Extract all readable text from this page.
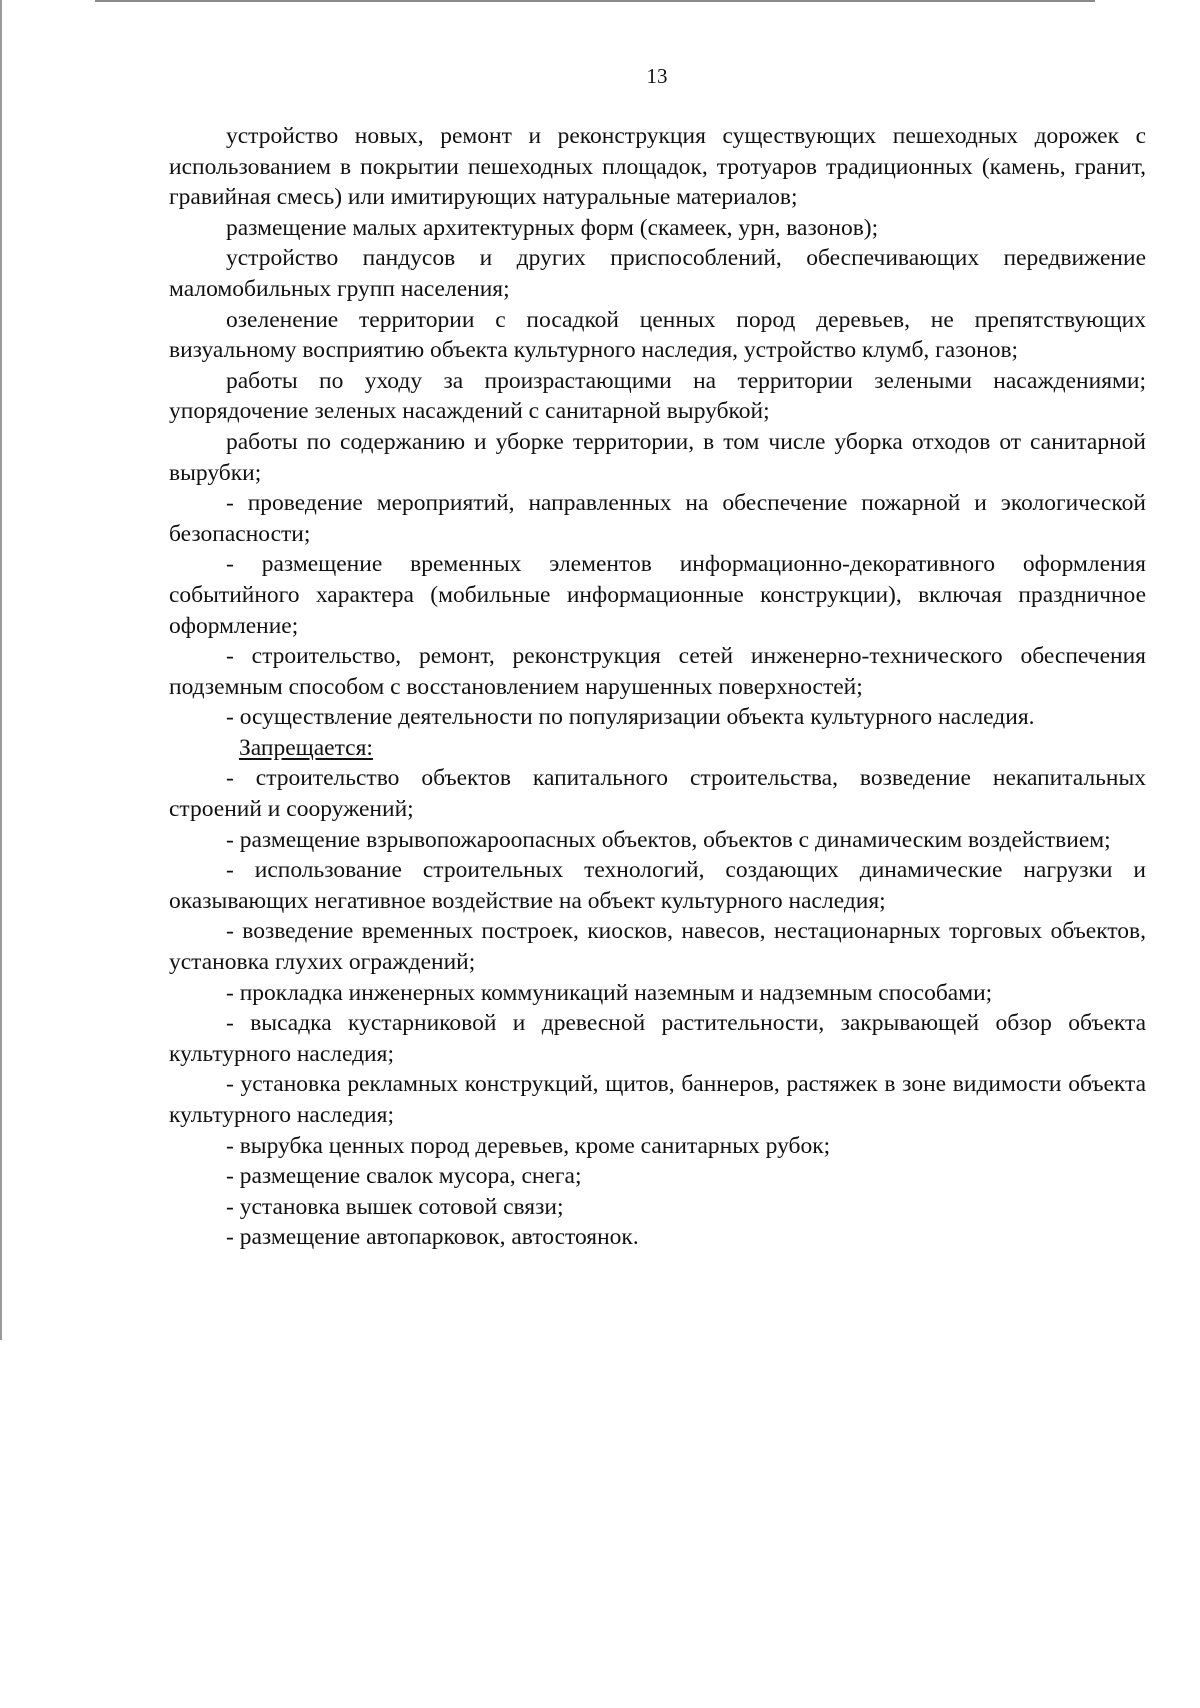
13

устройство новых, ремонт и реконструкция существующих пешеходных дорожек с использованием в покрытии пешеходных площадок, тротуаров традиционных (камень, гранит, гравийная смесь) или имитирующих натуральные материалов;

размещение малых архитектурных форм (скамеек, урн, вазонов);

устройство пандусов и других приспособлений, обеспечивающих передвижение маломобильных групп населения;

озеленение территории с посадкой ценных пород деревьев, не препятствующих визуальному восприятию объекта культурного наследия, устройство клумб, газонов;

работы по уходу за произрастающими на территории зелеными насаждениями; упорядочение зеленых насаждений с санитарной вырубкой;

работы по содержанию и уборке территории, в том числе уборка отходов от санитарной вырубки;

- проведение мероприятий, направленных на обеспечение пожарной и экологической безопасности;

- размещение временных элементов информационно-декоративного оформления событийного характера (мобильные информационные конструкции), включая праздничное оформление;

- строительство, ремонт, реконструкция сетей инженерно-технического обеспечения подземным способом с восстановлением нарушенных поверхностей;

- осуществление деятельности по популяризации объекта культурного наследия.

Запрещается:

- строительство объектов капитального строительства, возведение некапитальных строений и сооружений;

- размещение взрывопожароопасных объектов, объектов с динамическим воздействием;

- использование строительных технологий, создающих динамические нагрузки и оказывающих негативное воздействие на объект культурного наследия;

- возведение временных построек, киосков, навесов, нестационарных торговых объектов, установка глухих ограждений;

- прокладка инженерных коммуникаций наземным и надземным способами;

- высадка кустарниковой и древесной растительности, закрывающей обзор объекта культурного наследия;

- установка рекламных конструкций, щитов, баннеров, растяжек в зоне видимости объекта культурного наследия;

- вырубка ценных пород деревьев, кроме санитарных рубок;

- размещение свалок мусора, снега;

- установка вышек сотовой связи;

- размещение автопарковок, автостоянок.
